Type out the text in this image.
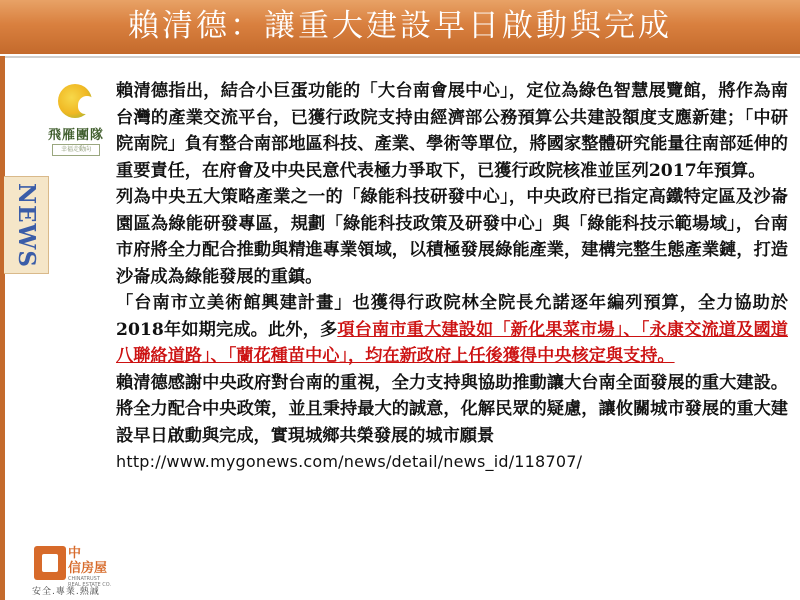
賴清德：讓重大建設早日啟動與完成
飛雁團隊
幸福走動向
NEWS

賴清德指出，結合小巨蛋功能的「大台南會展中心」，定位為綠色智慧展覽館，將作為南台灣的產業交流平台，已獲行政院支持由經濟部公務預算公共建設額度支應新建；「中研院南院」負有整合南部地區科技、產業、學術等單位，將國家整體研究能量往南部延伸的重要責任，在府會及中央民意代表極力爭取下，已獲行政院核准並匡列2017年預算。

列為中央五大策略產業之一的「綠能科技研發中心」，中央政府已指定高鐵特定區及沙崙園區為綠能研發專區，規劃「綠能科技政策及研發中心」與「綠能科技示範場域」，台南市府將全力配合推動與精進專業領域，以積極發展綠能產業，建構完整生態產業鏈，打造沙崙成為綠能發展的重鎮。

「台南市立美術館興建計畫」也獲得行政院林全院長允諾逐年編列預算，全力協助於2018年如期完成。此外，多項台南市重大建設如「新化果菜市場」、「永康交流道及國道八聯絡道路」、「蘭花種苗中心」，均在新政府上任後獲得中央核定與支持。

賴清德感謝中央政府對台南的重視，全力支持與協助推動讓大台南全面發展的重大建設。將全力配合中央政策，並且秉持最大的誠意，化解民眾的疑慮，讓攸關城市發展的重大建設早日啟動與完成，實現城鄉共榮發展的城市願景

http://www.mygonews.com/news/detail/news_id/118707/

中
信房屋
CHINATRUST REAL ESTATE CO.
安全.專業.熱誠
